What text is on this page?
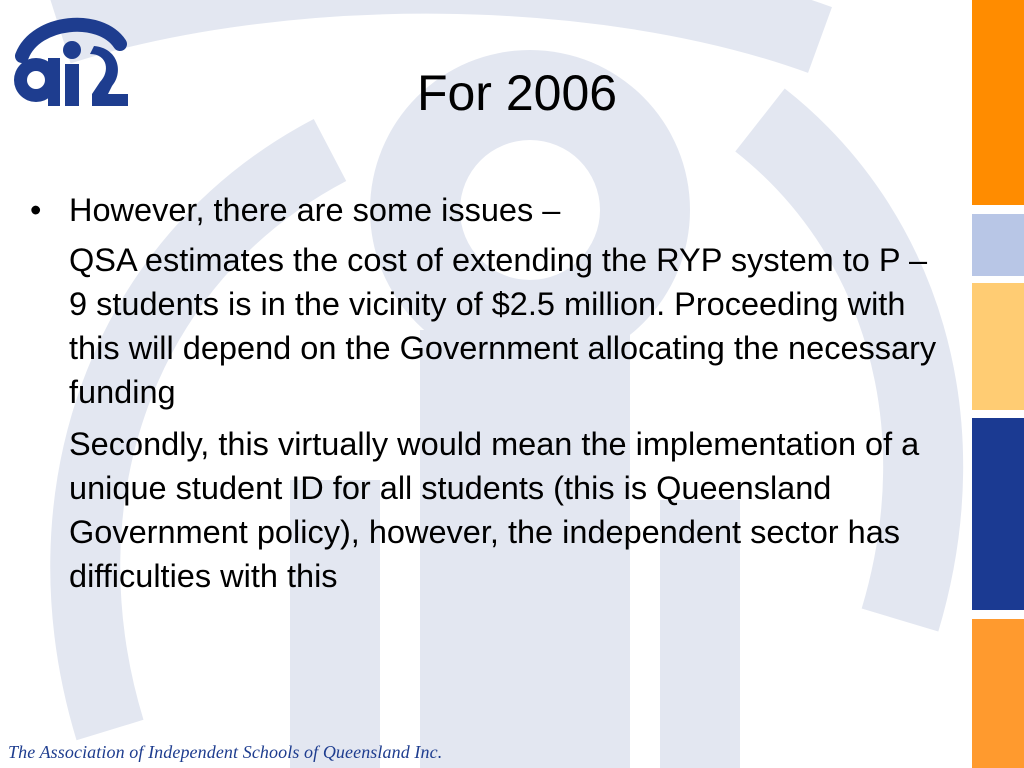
For 2006
• However, there are some issues –
QSA estimates the cost of extending the RYP system to P – 9 students is in the vicinity of $2.5 million. Proceeding with this will depend on the Government allocating the necessary funding
Secondly, this virtually would mean the implementation of a unique student ID for all students (this is Queensland Government policy), however, the independent sector has difficulties with this
The Association of Independent Schools of Queensland Inc.
